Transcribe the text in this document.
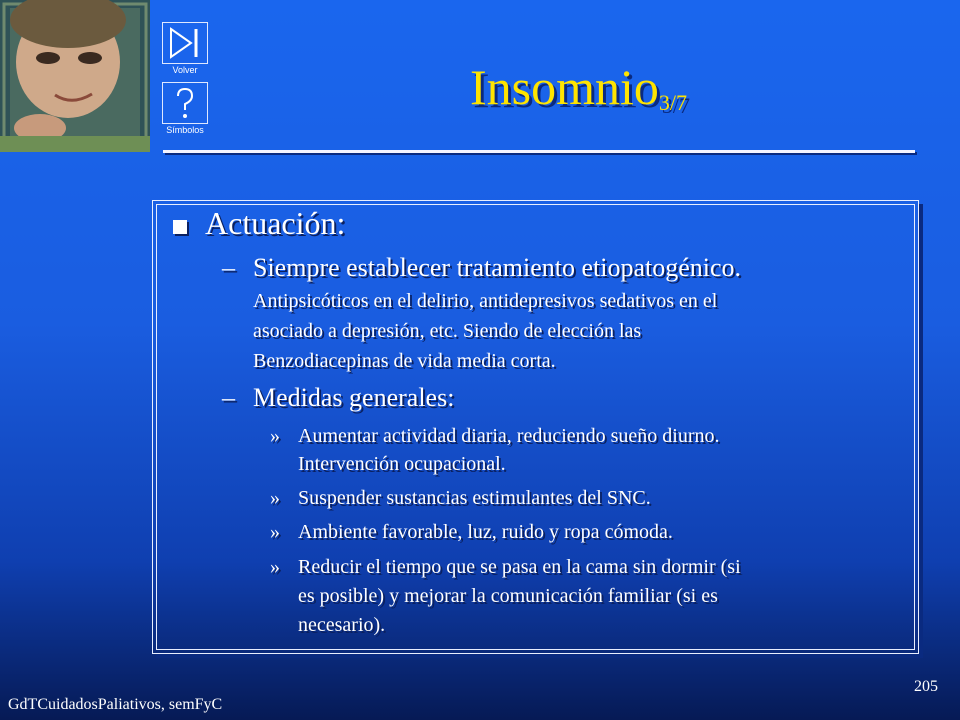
Volver
Símbolos
Insomnio$_{3/7}$
Actuación:
– Siempre establecer tratamiento etiopatogénico.
Antipsicóticos en el delirio, antidepresivos sedativos en el
asociado a depresión, etc. Siendo de elección las
Benzodiacepinas de vida media corta.
– Medidas generales:
» Aumentar actividad diaria, reduciendo sueño diurno.
Intervención ocupacional.
» Suspender sustancias estimulantes del SNC.
» Ambiente favorable, luz, ruido y ropa cómoda.
» Reducir el tiempo que se pasa en la cama sin dormir (si
es posible) y mejorar la comunicación familiar (si es
necesario).
GdTCuidadosPaliativos, semFyC
205
